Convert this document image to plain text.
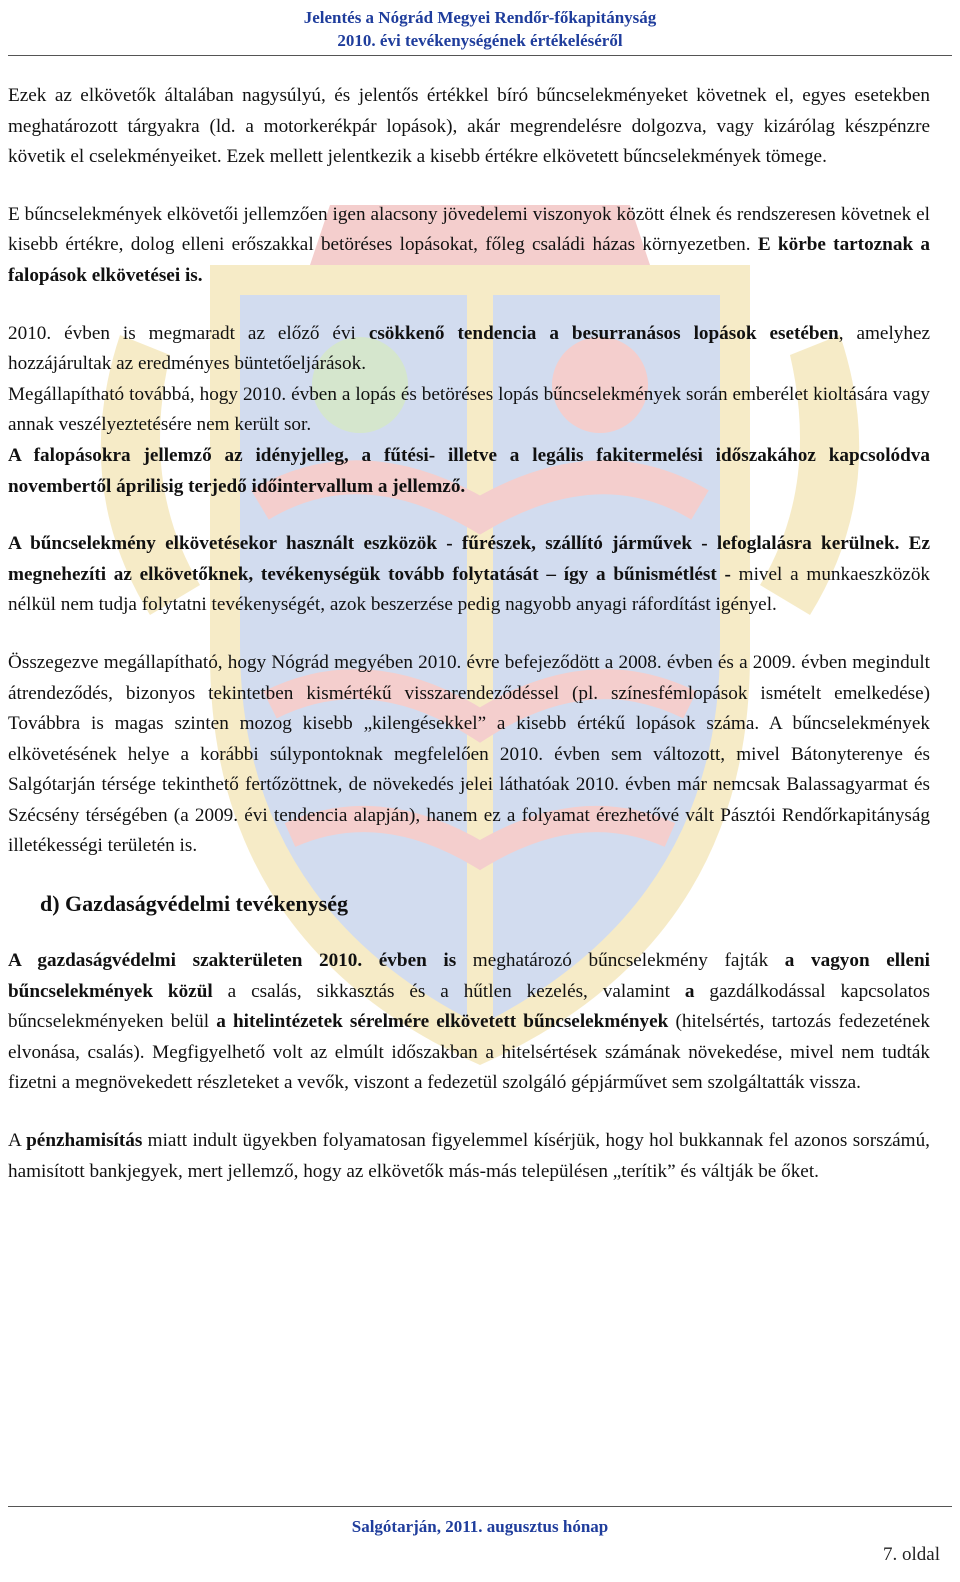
Jelentés a Nógrád Megyei Rendőr-főkapitányság
2010. évi tevékenységének értékeléséről

Ezek az elkövetők általában nagysúlyú, és jelentős értékkel bíró bűncselekményeket követnek el, egyes esetekben meghatározott tárgyakra (ld. a motorkerékpár lopások), akár megrendelésre dolgozva, vagy kizárólag készpénzre követik el cselekményeiket. Ezek mellett jelentkezik a kisebb értékre elkövetett bűncselekmények tömege.

E bűncselekmények elkövetői jellemzően igen alacsony jövedelemi viszonyok között élnek és rendszeresen követnek el kisebb értékre, dolog elleni erőszakkal betöréses lopásokat, főleg családi házas környezetben. E körbe tartoznak a falopások elkövetései is.

2010. évben is megmaradt az előző évi csökkenő tendencia a besurranásos lopások esetében, amelyhez hozzájárultak az eredményes büntetőeljárások.

Megállapítható továbbá, hogy 2010. évben a lopás és betöréses lopás bűncselekmények során emberélet kioltására vagy annak veszélyeztetésére nem került sor.

A falopásokra jellemző az idényjelleg, a fűtési- illetve a legális fakitermelési időszakához kapcsolódva novembertől áprilisig terjedő időintervallum a jellemző.

A bűncselekmény elkövetésekor használt eszközök - fűrészek, szállító járművek - lefoglalásra kerülnek. Ez megnehezíti az elkövetőknek, tevékenységük tovább folytatását – így a bűnismétlést - mivel a munkaeszközök nélkül nem tudja folytatni tevékenységét, azok beszerzése pedig nagyobb anyagi ráfordítást igényel.

Összegezve megállapítható, hogy Nógrád megyében 2010. évre befejeződött a 2008. évben és a 2009. évben megindult átrendeződés, bizonyos tekintetben kismértékű visszarendeződéssel (pl. színesfémlopások ismételt emelkedése) Továbbra is magas szinten mozog kisebb „kilengésekkel” a kisebb értékű lopások száma. A bűncselekmények elkövetésének helye a korábbi súlypontoknak megfelelően 2010. évben sem változott, mivel Bátonyterenye és Salgótarján térsége tekinthető fertőzöttnek, de növekedés jelei láthatóak 2010. évben már nemcsak Balassagyarmat és Szécsény térségében (a 2009. évi tendencia alapján), hanem ez a folyamat érezhetővé vált Pásztói Rendőrkapitányság illetékességi területén is.

d) Gazdaságvédelmi tevékenység

A gazdaságvédelmi szakterületen 2010. évben is meghatározó bűncselekmény fajták a vagyon elleni bűncselekmények közül a csalás, sikkasztás és a hűtlen kezelés, valamint a gazdálkodással kapcsolatos bűncselekményeken belül a hitelintézetek sérelmére elkövetett bűncselekmények (hitelsértés, tartozás fedezetének elvonása, csalás). Megfigyelhető volt az elmúlt időszakban a hitelsértések számának növekedése, mivel nem tudták fizetni a megnövekedett részleteket a vevők, viszont a fedezetül szolgáló gépjárművet sem szolgáltatták vissza.

A pénzhamisítás miatt indult ügyekben folyamatosan figyelemmel kísérjük, hogy hol bukkannak fel azonos sorszámú, hamisított bankjegyek, mert jellemző, hogy az elkövetők más-más településen „terítik” és váltják be őket.

Salgótarján, 2011. augusztus hónap
7. oldal
